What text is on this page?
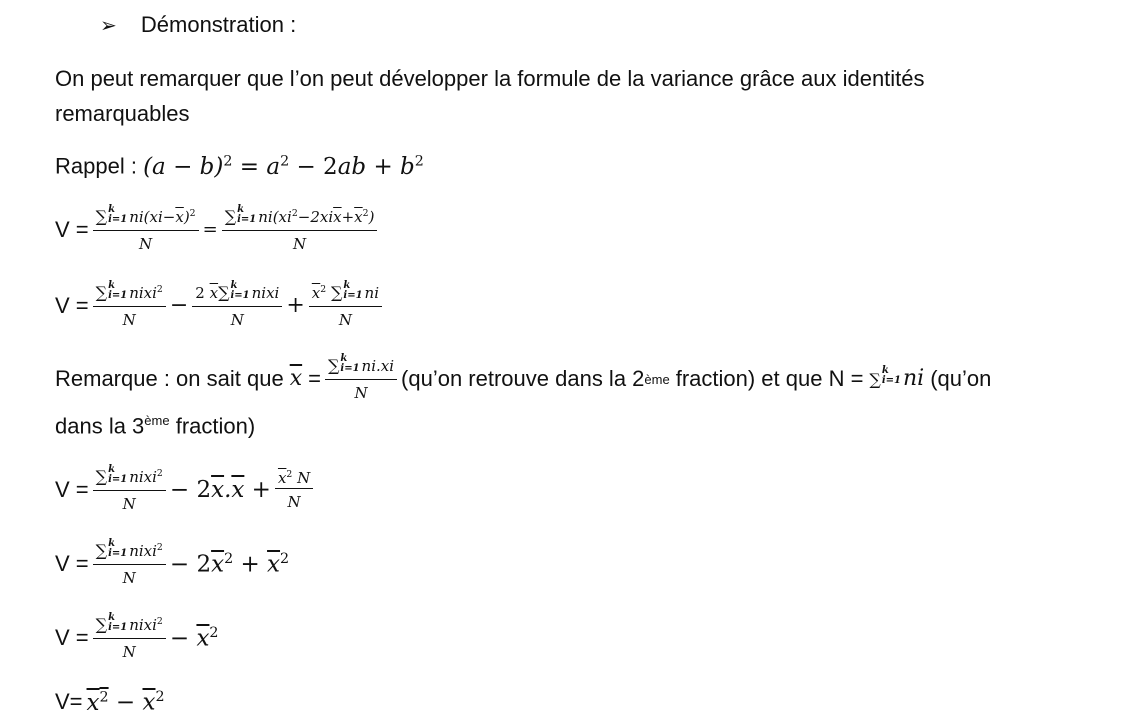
➢ Démonstration :
On peut remarquer que l’on peut développer la formule de la variance grâce aux identités
remarquables
Rappel : $(a - b)^2 = a^2 - 2ab + b^2$
V = ∑ k
i=1 $ni(xi-\overline{x})^2$
N = ∑ k
i=1 $ni(xi^2-2xi\overline{x}+\overline{x}^2)$
N
V = ∑ k
i=1 nixi$^2$
N − 2 $\overline{x}\sum$ k
i=1 nixi
$N + \overline{x}^2$ ∑ k
i=1 ni
N
Remarque : on sait que $\overline{x}$ = ∑ k
i=1 ni.xi
N (qu’on retrouve dans la 2 ème fraction) et que N = ∑ k
i=1 ni (qu’on
dans la 3ème fraction)
V = ∑ k
i=1 nixi$^2$
$N - 2\overline{x}.\overline{x} + \frac{\overline{x}^2 N}{N}$
V = ∑ k
i=1 nixi$^2$
$N - 2\overline{x}^2 + \overline{x}^2$
V = ∑ k
i=1 nixi$^2$
$N - \overline{x}^2$
$V= x^2 - \overline{x}^2$
